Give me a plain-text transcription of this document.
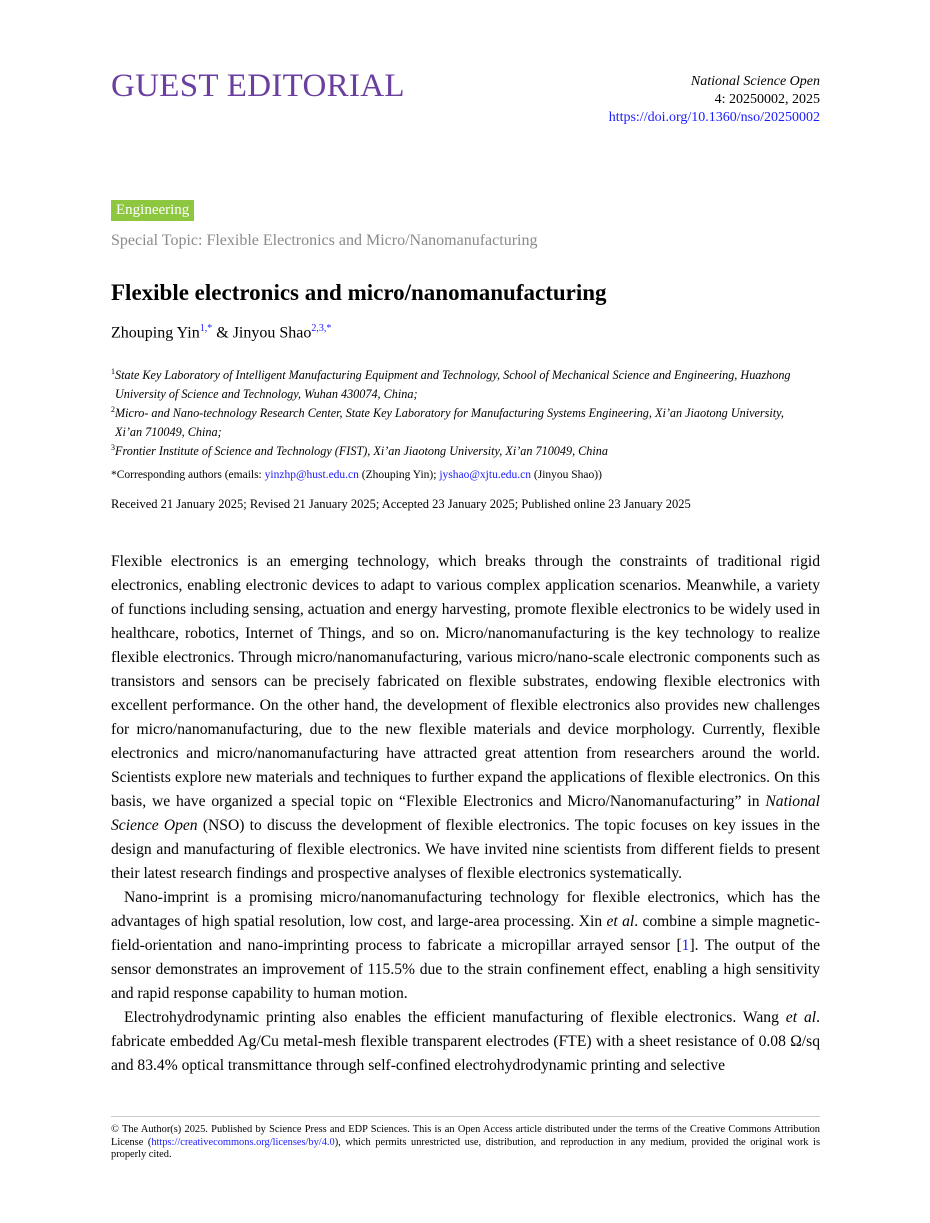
GUEST EDITORIAL	National Science Open
4: 20250002, 2025
https://doi.org/10.1360/nso/20250002
Engineering
Special Topic: Flexible Electronics and Micro/Nanomanufacturing
Flexible electronics and micro/nanomanufacturing
Zhouping Yin$^{1,*}$ & Jinyou Shao$^{2,3,*}$
$^1$State Key Laboratory of Intelligent Manufacturing Equipment and Technology, School of Mechanical Science and Engineering, Huazhong
University of Science and Technology, Wuhan 430074, China;
$^2$Micro- and Nano-technology Research Center, State Key Laboratory for Manufacturing Systems Engineering, Xi’an Jiaotong University,
Xi’an 710049, China;
$^3$Frontier Institute of Science and Technology (FIST), Xi’an Jiaotong University, Xi’an 710049, China
*Corresponding authors (emails: yinzhp@hust.edu.cn (Zhouping Yin); jyshao@xjtu.edu.cn (Jinyou Shao))
Received 21 January 2025; Revised 21 January 2025; Accepted 23 January 2025; Published online 23 January 2025

Flexible electronics is an emerging technology, which breaks through the constraints of traditional rigid electronics, enabling electronic devices to adapt to various complex application scenarios. Meanwhile, a variety of functions including sensing, actuation and energy harvesting, promote flexible electronics to be widely used in healthcare, robotics, Internet of Things, and so on. Micro/nanomanufacturing is the key technology to realize flexible electronics. Through micro/nanomanufacturing, various micro/nano-scale electronic components such as transistors and sensors can be precisely fabricated on flexible substrates, endowing flexible electronics with excellent performance. On the other hand, the development of flexible electronics also provides new challenges for micro/nanomanufacturing, due to the new flexible materials and device morphology. Currently, flexible electronics and micro/nanomanufacturing have attracted great attention from researchers around the world. Scientists explore new materials and techniques to further expand the applications of flexible electronics. On this basis, we have organized a special topic on “Flexible Electronics and Micro/Nanomanufacturing” in National Science Open (NSO) to discuss the development of flexible electronics. The topic focuses on key issues in the design and manufacturing of flexible electronics. We have invited nine scientists from different fields to present their latest research findings and prospective analyses of flexible electronics systematically.

Nano-imprint is a promising micro/nanomanufacturing technology for flexible electronics, which has the advantages of high spatial resolution, low cost, and large-area processing. Xin et al. combine a simple magnetic-field-orientation and nano-imprinting process to fabricate a micropillar arrayed sensor [1]. The output of the sensor demonstrates an improvement of 115.5% due to the strain confinement effect, enabling a high sensitivity and rapid response capability to human motion.

Electrohydrodynamic printing also enables the efficient manufacturing of flexible electronics. Wang et al. fabricate embedded Ag/Cu metal-mesh flexible transparent electrodes (FTE) with a sheet resistance of 0.08 Ω/sq and 83.4% optical transmittance through self-confined electrohydrodynamic printing and selective

© The Author(s) 2025. Published by Science Press and EDP Sciences. This is an Open Access article distributed under the terms of the Creative Commons Attribution License (https://creativecommons.org/licenses/by/4.0), which permits unrestricted use, distribution, and reproduction in any medium, provided the original work is properly cited.
